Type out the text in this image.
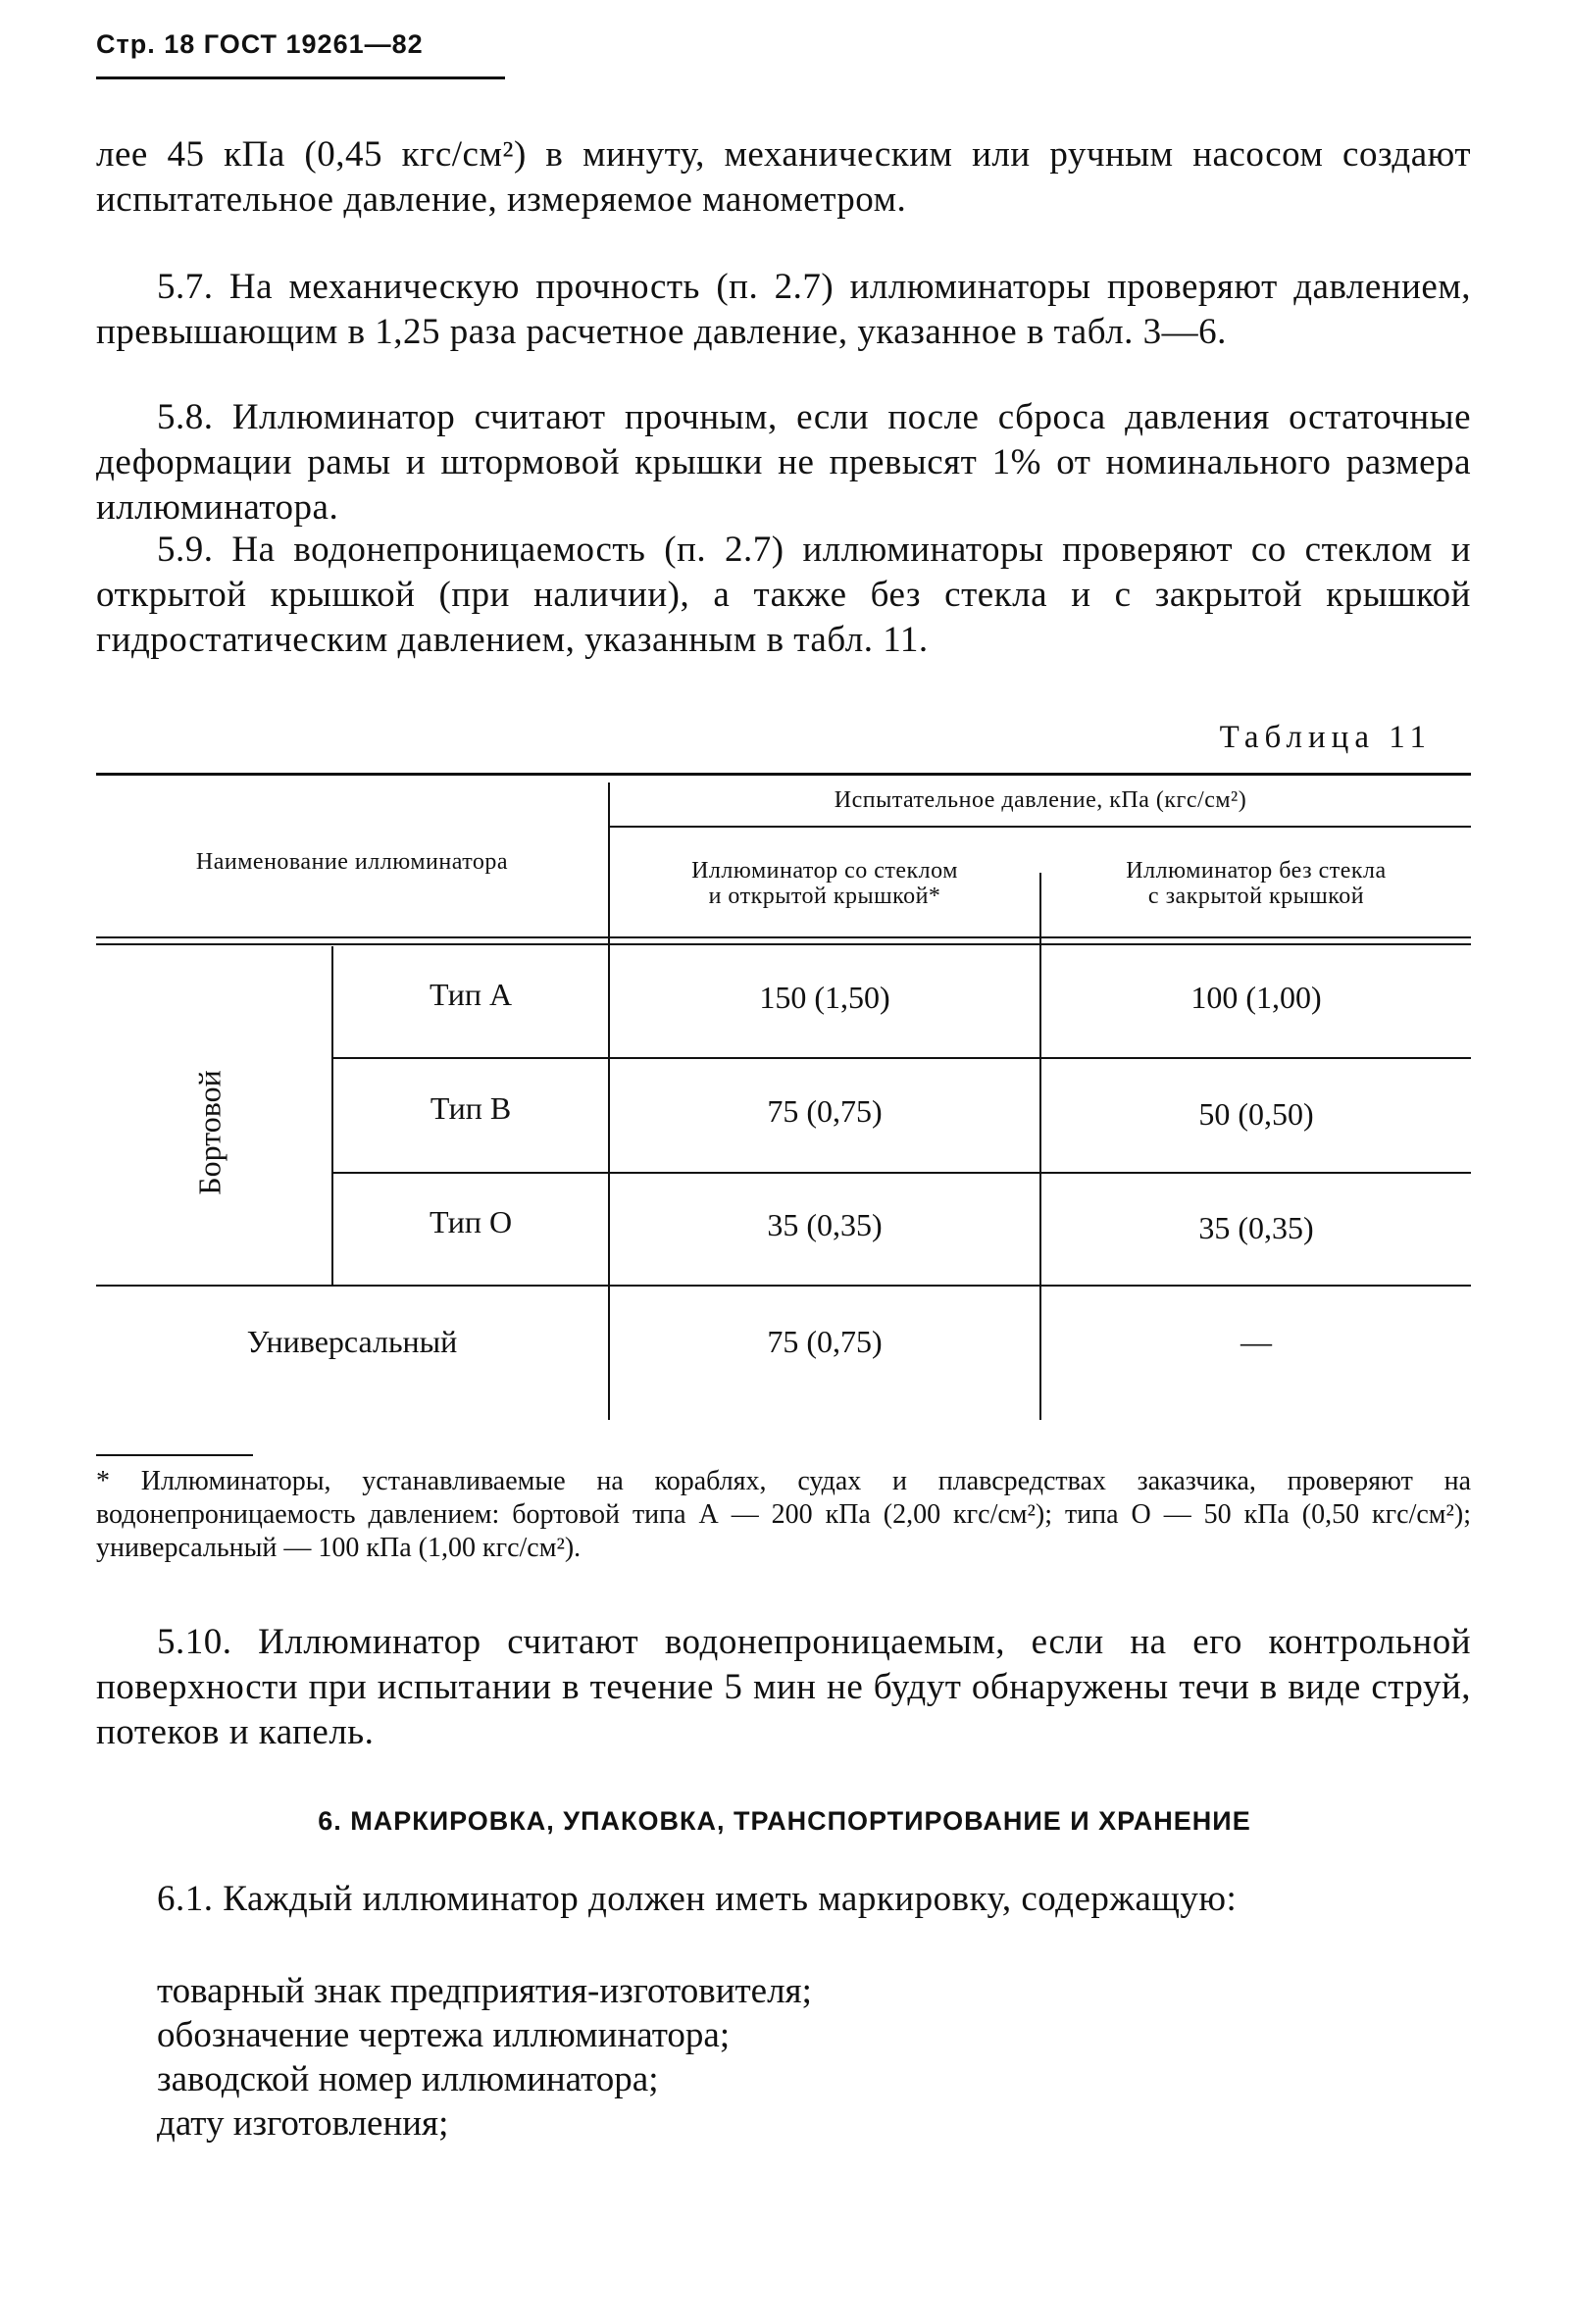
Стр. 18 ГОСТ 19261—82
лее 45 кПа (0,45 кгс/см²) в минуту, механическим или ручным насосом создают испытательное давление, измеряемое манометром.
5.7. На механическую прочность (п. 2.7) иллюминаторы проверяют давлением, превышающим в 1,25 раза расчетное давление, указанное в табл. 3—6.
5.8. Иллюминатор считают прочным, если после сброса давления остаточные деформации рамы и штормовой крышки не превысят 1% от номинального размера иллюминатора.
5.9. На водонепроницаемость (п. 2.7) иллюминаторы проверяют со стеклом и открытой крышкой (при наличии), а также без стекла и с закрытой крышкой гидростатическим давлением, указанным в табл. 11.
Таблица 11
Наименование иллюминатора
Испытательное давление, кПа (кгс/см²)
Иллюминатор со стеклом
и открытой крышкой*
Иллюминатор без стекла
с закрытой крышкой
Бортовой
Тип А	150 (1,50)	100 (1,00)
Тип В	75 (0,75)	50 (0,50)
Тип О	35 (0,35)	35 (0,35)
Универсальный	75 (0,75)	—
* Иллюминаторы, устанавливаемые на кораблях, судах и плавсредствах заказчика, проверяют на водонепроницаемость давлением: бортовой типа А — 200 кПа (2,00 кгс/см²); типа О — 50 кПа (0,50 кгс/см²); универсальный — 100 кПа (1,00 кгс/см²).
5.10. Иллюминатор считают водонепроницаемым, если на его контрольной поверхности при испытании в течение 5 мин не будут обнаружены течи в виде струй, потеков и капель.
6. МАРКИРОВКА, УПАКОВКА, ТРАНСПОРТИРОВАНИЕ И ХРАНЕНИЕ
6.1. Каждый иллюминатор должен иметь маркировку, содержащую:
товарный знак предприятия-изготовителя;
обозначение чертежа иллюминатора;
заводской номер иллюминатора;
дату изготовления;
